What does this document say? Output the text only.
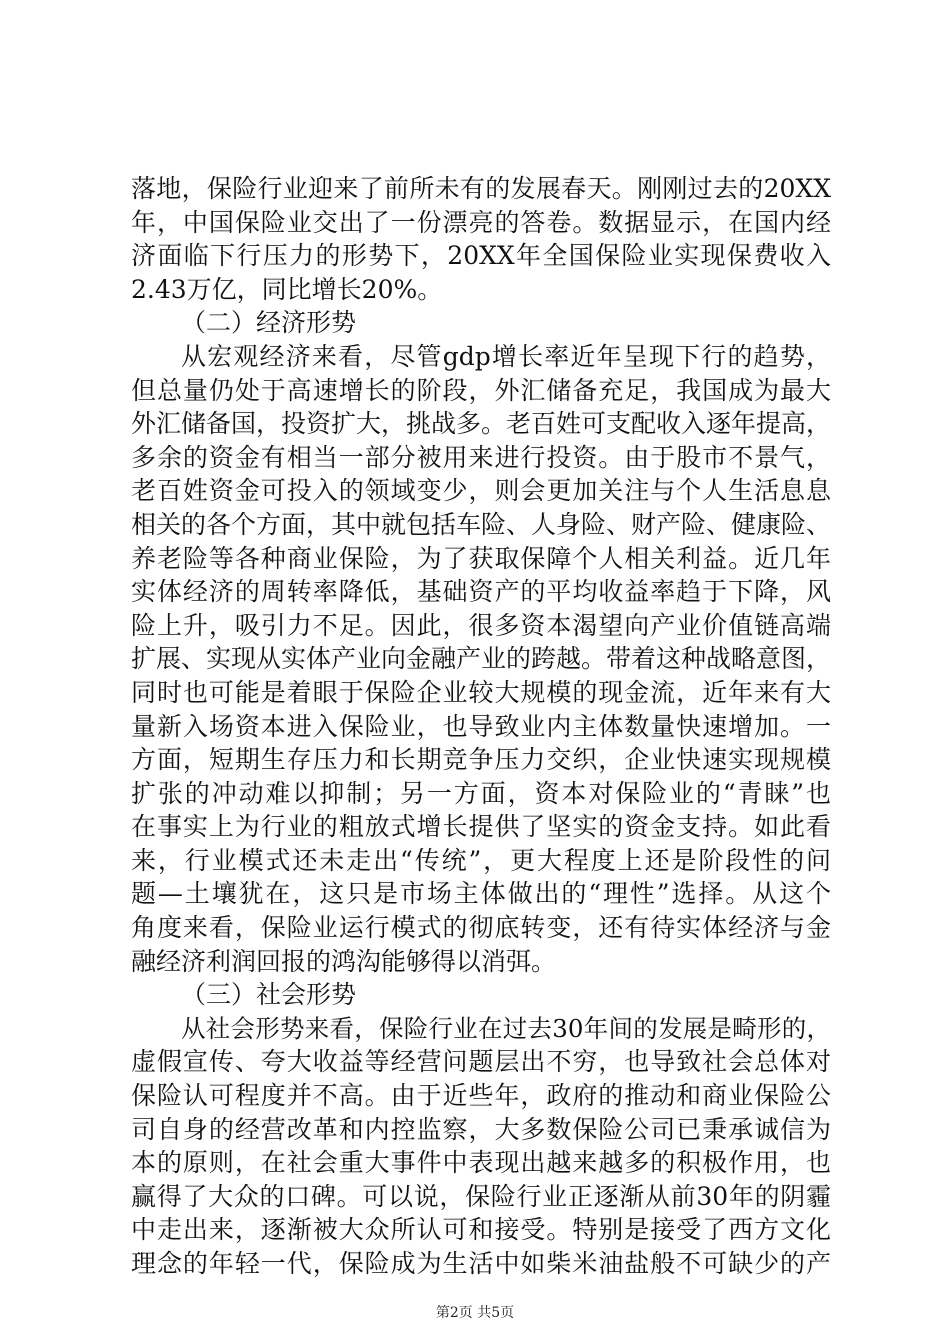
落地，保险行业迎来了前所未有的发展春天。刚刚过去的20XX
年，中国保险业交出了一份漂亮的答卷。数据显示，在国内经
济面临下行压力的形势下，20XX年全国保险业实现保费收入
2.43万亿，同比增长20%。
（二）经济形势
从宏观经济来看，尽管gdp增长率近年呈现下行的趋势，
但总量仍处于高速增长的阶段，外汇储备充足，我国成为最大
外汇储备国，投资扩大，挑战多。老百姓可支配收入逐年提高，
多余的资金有相当一部分被用来进行投资。由于股市不景气，
老百姓资金可投入的领域变少，则会更加关注与个人生活息息
相关的各个方面，其中就包括车险、人身险、财产险、健康险、
养老险等各种商业保险，为了获取保障个人相关利益。近几年
实体经济的周转率降低，基础资产的平均收益率趋于下降，风
险上升，吸引力不足。因此，很多资本渴望向产业价值链高端
扩展、实现从实体产业向金融产业的跨越。带着这种战略意图，
同时也可能是着眼于保险企业较大规模的现金流，近年来有大
量新入场资本进入保险业，也导致业内主体数量快速增加。一
方面，短期生存压力和长期竞争压力交织，企业快速实现规模
扩张的冲动难以抑制；另一方面，资本对保险业的“青睐”也
在事实上为行业的粗放式增长提供了坚实的资金支持。如此看
来，行业模式还未走出“传统”，更大程度上还是阶段性的问
题—土壤犹在，这只是市场主体做出的“理性”选择。从这个
角度来看，保险业运行模式的彻底转变，还有待实体经济与金
融经济利润回报的鸿沟能够得以消弭。
（三）社会形势
从社会形势来看，保险行业在过去30年间的发展是畸形的，
虚假宣传、夸大收益等经营问题层出不穷，也导致社会总体对
保险认可程度并不高。由于近些年，政府的推动和商业保险公
司自身的经营改革和内控监察，大多数保险公司已秉承诚信为
本的原则，在社会重大事件中表现出越来越多的积极作用，也
赢得了大众的口碑。可以说，保险行业正逐渐从前30年的阴霾
中走出来，逐渐被大众所认可和接受。特别是接受了西方文化
理念的年轻一代，保险成为生活中如柴米油盐般不可缺少的产
第2页 共5页
